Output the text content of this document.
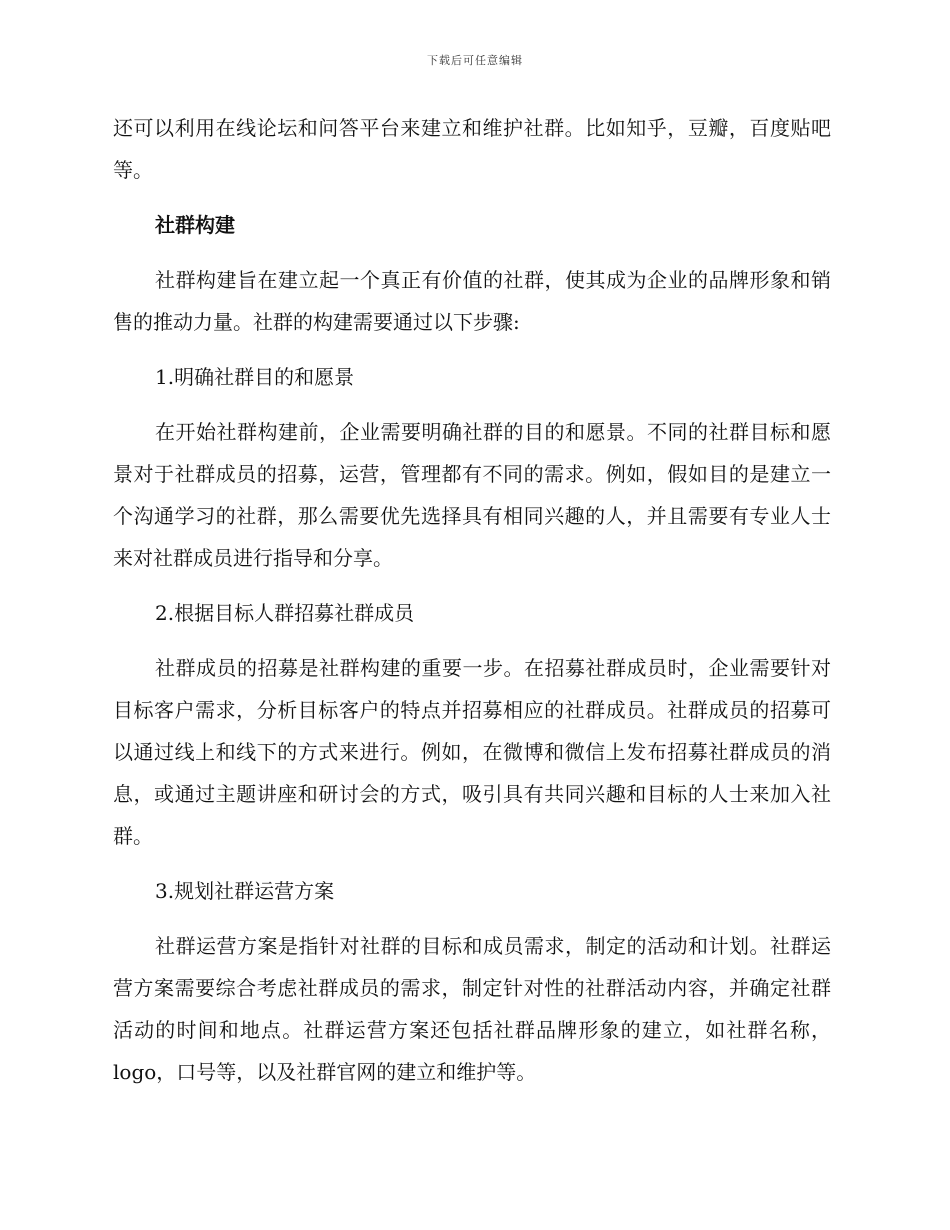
下载后可任意编辑

还可以利用在线论坛和问答平台来建立和维护社群。比如知乎，豆瓣，百度贴吧等。

社群构建

社群构建旨在建立起一个真正有价值的社群，使其成为企业的品牌形象和销售的推动力量。社群的构建需要通过以下步骤:

1.明确社群目的和愿景

在开始社群构建前，企业需要明确社群的目的和愿景。不同的社群目标和愿景对于社群成员的招募，运营，管理都有不同的需求。例如，假如目的是建立一个沟通学习的社群，那么需要优先选择具有相同兴趣的人，并且需要有专业人士来对社群成员进行指导和分享。

2.根据目标人群招募社群成员

社群成员的招募是社群构建的重要一步。在招募社群成员时，企业需要针对目标客户需求，分析目标客户的特点并招募相应的社群成员。社群成员的招募可以通过线上和线下的方式来进行。例如，在微博和微信上发布招募社群成员的消息，或通过主题讲座和研讨会的方式，吸引具有共同兴趣和目标的人士来加入社群。

3.规划社群运营方案

社群运营方案是指针对社群的目标和成员需求，制定的活动和计划。社群运营方案需要综合考虑社群成员的需求，制定针对性的社群活动内容，并确定社群活动的时间和地点。社群运营方案还包括社群品牌形象的建立，如社群名称，logo，口号等，以及社群官网的建立和维护等。
